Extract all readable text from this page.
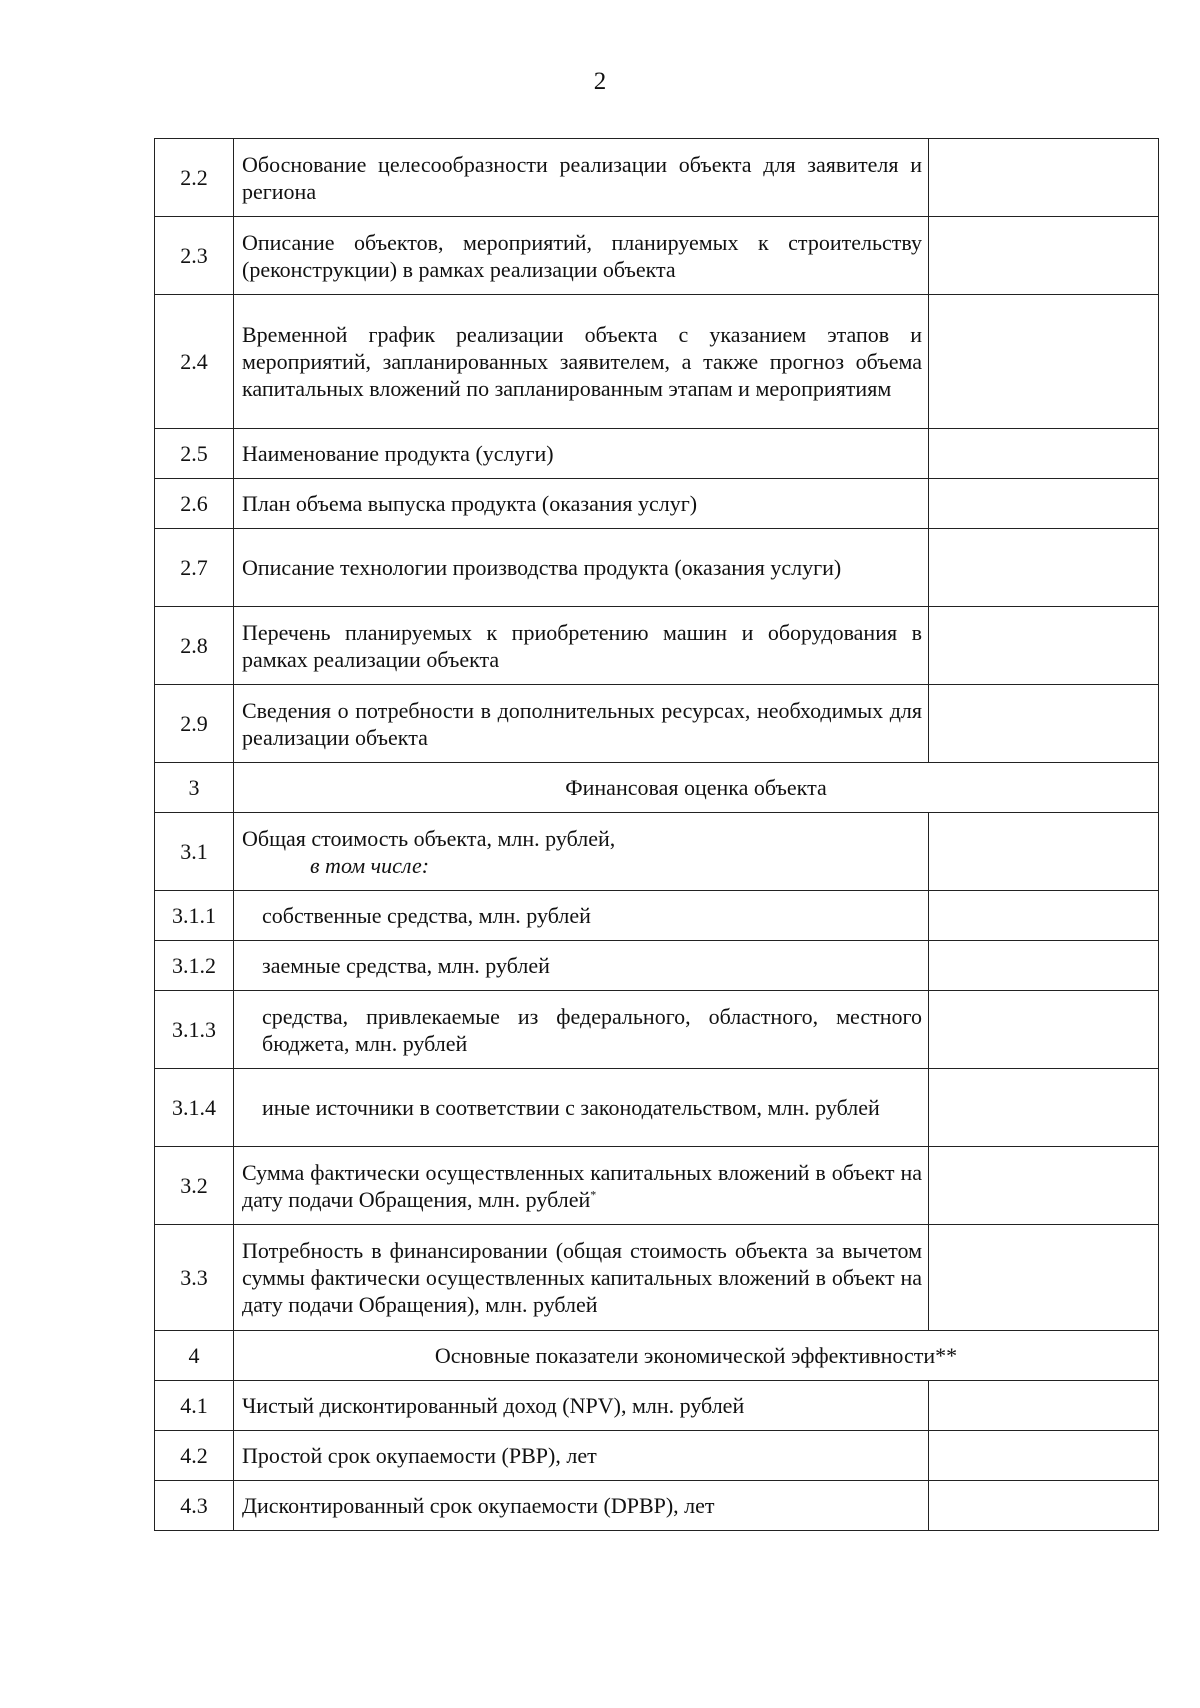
2
2.2	Обоснование целесообразности реализации объекта для заявителя и региона	
2.3	Описание объектов, мероприятий, планируемых к строительству (реконструкции) в рамках реализации объекта	
2.4	Временной график реализации объекта с указанием этапов и мероприятий, запланированных заявителем, а также прогноз объема капитальных вложений по запланированным этапам и мероприятиям	
2.5	Наименование продукта (услуги)	
2.6	План объема выпуска продукта (оказания услуг)	
2.7	Описание технологии производства продукта (оказания услуги)	
2.8	Перечень планируемых к приобретению машин и оборудования в рамках реализации объекта	
2.9	Сведения о потребности в дополнительных ресурсах, необходимых для реализации объекта	
3	Финансовая оценка объекта	
3.1	Общая стоимость объекта, млн. рублей,
в том числе:	

3.1.1	собственные средства, млн. рублей	
3.1.2	заемные средства, млн. рублей	
3.1.3	средства, привлекаемые из федерального, областного, местного бюджета, млн. рублей	
3.1.4	иные источники в соответствии с законодательством, млн. рублей	
3.2	Сумма фактически осуществленных капитальных вложений в объект на дату подачи Обращения, млн. рублей*	
3.3	Потребность в финансировании (общая стоимость объекта за вычетом суммы фактически осуществленных капитальных вложений в объект на дату подачи Обращения), млн. рублей	
4	Основные показатели экономической эффективности**	
4.1	Чистый дисконтированный доход (NPV), млн. рублей	
4.2	Простой срок окупаемости (PBP), лет	
4.3	Дисконтированный срок окупаемости (DPBP), лет	
